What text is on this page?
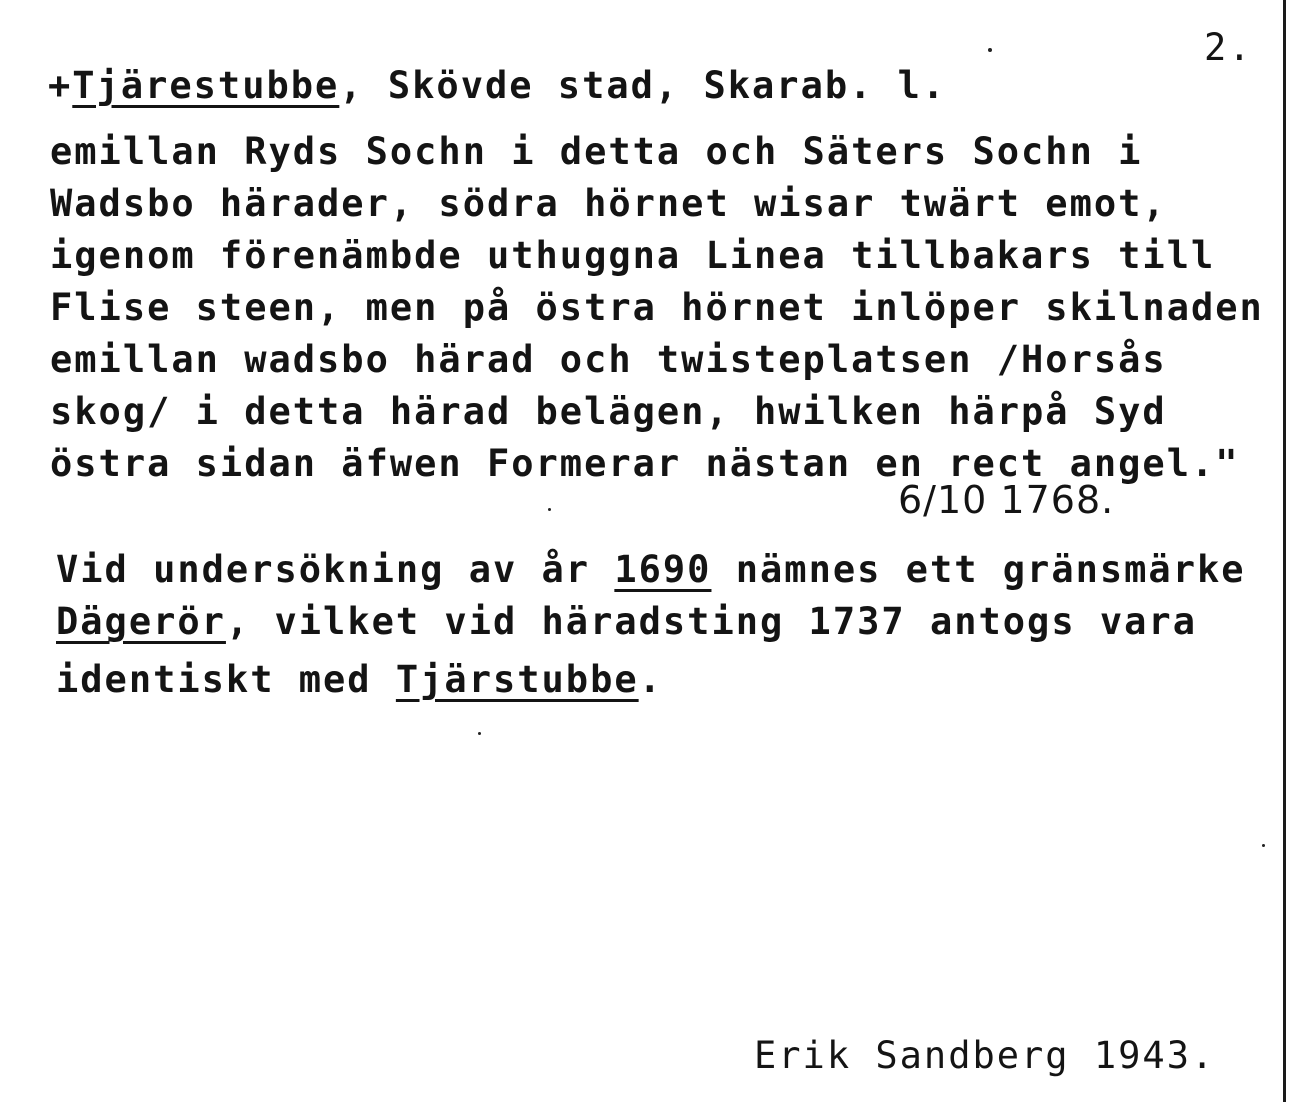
2.
+Tjärestubbe, Skövde stad, Skarab. l.
emillan Ryds Sochn i detta och Säters Sochn i
Wadsbo härader, södra hörnet wisar twärt emot,
igenom förenämbde uthuggna Linea tillbakars till
Flise steen, men på östra hörnet inlöper skilnaden
emillan wadsbo härad och twisteplatsen /Horsås
skog/ i detta härad belägen, hwilken härpå Syd
östra sidan äfwen Formerar nästan en rect angel."
6/10 1768.
Vid undersökning av år 1690 nämnes ett gränsmärke
Dägerör, vilket vid häradsting 1737 antogs vara
identiskt med Tjärstubbe.
Erik Sandberg 1943.
